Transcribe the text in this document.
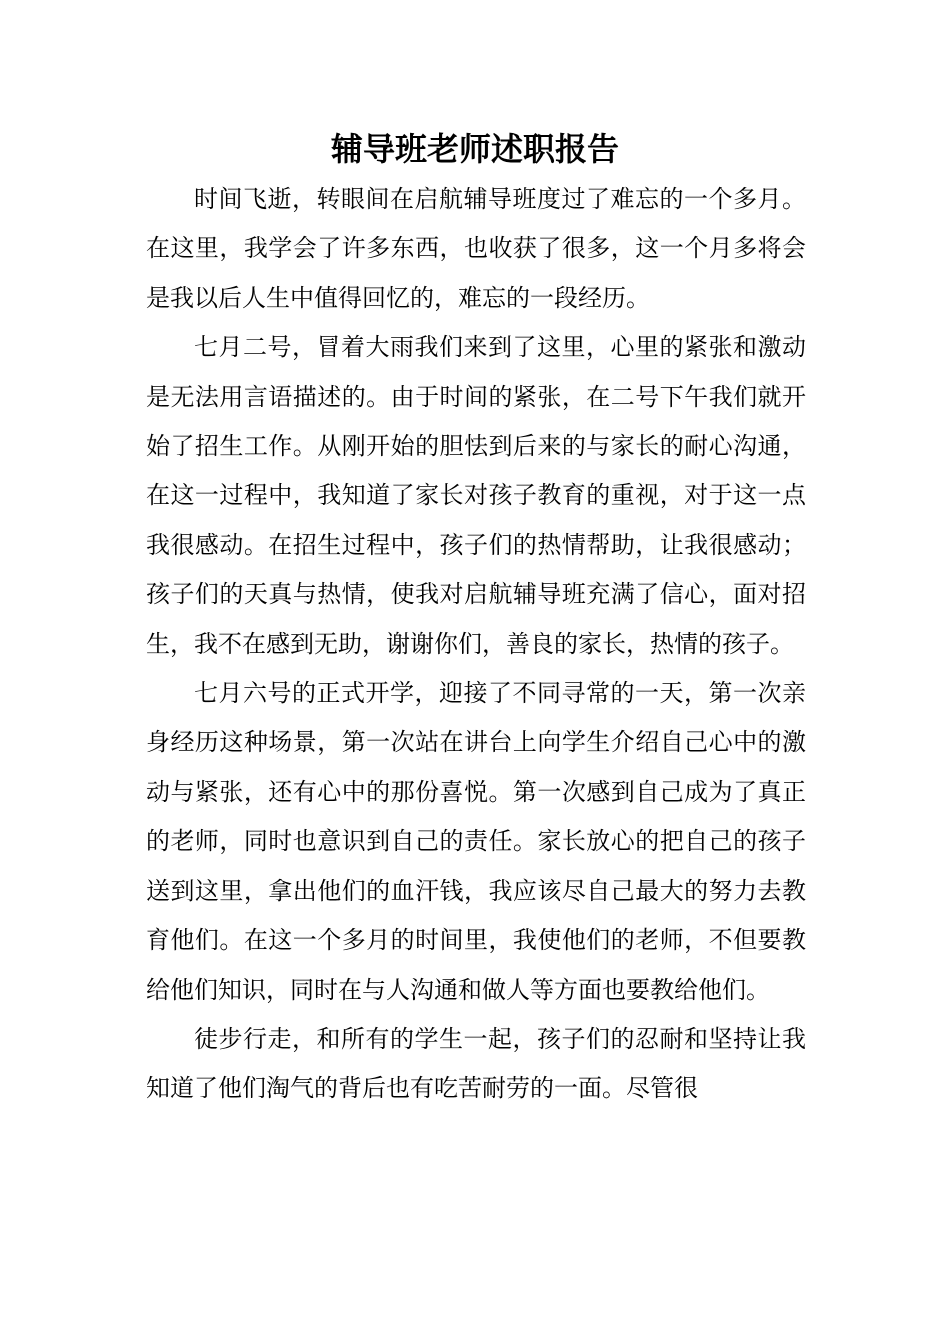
辅导班老师述职报告

时间飞逝，转眼间在启航辅导班度过了难忘的一个多月。在这里，我学会了许多东西，也收获了很多，这一个月多将会是我以后人生中值得回忆的，难忘的一段经历。

七月二号，冒着大雨我们来到了这里，心里的紧张和激动是无法用言语描述的。由于时间的紧张，在二号下午我们就开始了招生工作。从刚开始的胆怯到后来的与家长的耐心沟通，在这一过程中，我知道了家长对孩子教育的重视，对于这一点我很感动。在招生过程中，孩子们的热情帮助，让我很感动；孩子们的天真与热情，使我对启航辅导班充满了信心，面对招生，我不在感到无助，谢谢你们，善良的家长，热情的孩子。

七月六号的正式开学，迎接了不同寻常的一天，第一次亲身经历这种场景，第一次站在讲台上向学生介绍自己心中的激动与紧张，还有心中的那份喜悦。第一次感到自己成为了真正的老师，同时也意识到自己的责任。家长放心的把自己的孩子送到这里，拿出他们的血汗钱，我应该尽自己最大的努力去教育他们。在这一个多月的时间里，我使他们的老师，不但要教给他们知识，同时在与人沟通和做人等方面也要教给他们。

徒步行走，和所有的学生一起，孩子们的忍耐和坚持让我知道了他们淘气的背后也有吃苦耐劳的一面。尽管很
